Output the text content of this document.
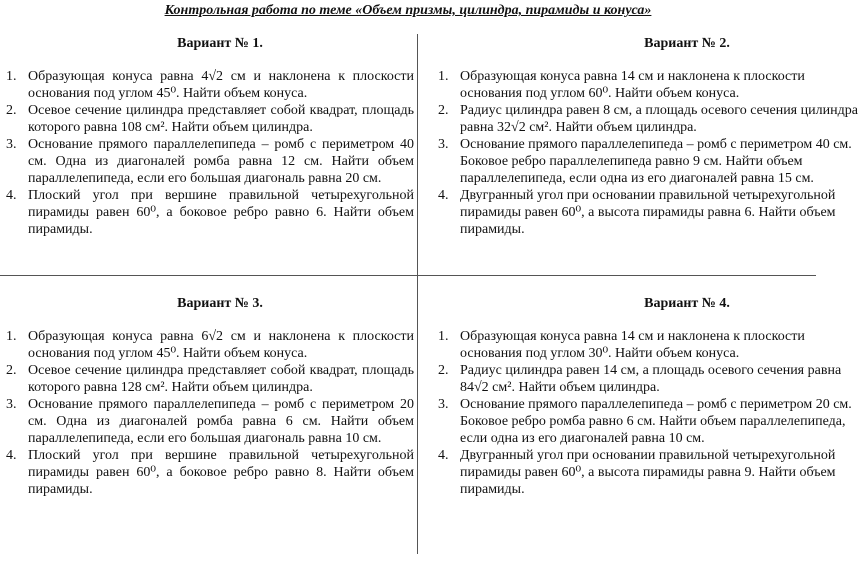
Контрольная работа по теме «Объем призмы, цилиндра, пирамиды и конуса»
Вариант № 1.
1. Образующая конуса равна 4√2 см и наклонена к плоскости основания под углом 45⁰. Найти объем конуса.
2. Осевое сечение цилиндра представляет собой квадрат, площадь которого равна 108 см². Найти объем цилиндра.
3. Основание прямого параллелепипеда – ромб с периметром 40 см. Одна из диагоналей ромба равна 12 см. Найти объем параллелепипеда, если его большая диагональ равна 20 см.
4. Плоский угол при вершине правильной четырехугольной пирамиды равен 60⁰, а боковое ребро равно 6. Найти объем пирамиды.
Вариант № 2.
1. Образующая конуса равна 14 см и наклонена к плоскости основания под углом 60⁰. Найти объем конуса.
2. Радиус цилиндра равен 8 см, а площадь осевого сечения цилиндра равна 32√2 см². Найти объем цилиндра.
3. Основание прямого параллелепипеда – ромб с периметром 40 см. Боковое ребро параллелепипеда равно 9 см. Найти объем параллелепипеда, если одна из его диагоналей равна 15 см.
4. Двугранный угол при основании правильной четырехугольной пирамиды равен 60⁰, а высота пирамиды равна 6. Найти объем пирамиды.
Вариант № 3.
1. Образующая конуса равна 6√2 см и наклонена к плоскости основания под углом 45⁰. Найти объем конуса.
2. Осевое сечение цилиндра представляет собой квадрат, площадь которого равна 128 см². Найти объем цилиндра.
3. Основание прямого параллелепипеда – ромб с периметром 20 см. Одна из диагоналей ромба равна 6 см. Найти объем параллелепипеда, если его большая диагональ равна 10 см.
4. Плоский угол при вершине правильной четырехугольной пирамиды равен 60⁰, а боковое ребро равно 8. Найти объем пирамиды.
Вариант № 4.
1. Образующая конуса равна 14 см и наклонена к плоскости основания под углом 30⁰. Найти объем конуса.
2. Радиус цилиндра равен 14 см, а площадь осевого сечения равна 84√2 см². Найти объем цилиндра.
3. Основание прямого параллелепипеда – ромб с периметром 20 см. Боковое ребро ромба равно 6 см. Найти объем параллелепипеда, если одна из его диагоналей равна 10 см.
4. Двугранный угол при основании правильной четырехугольной пирамиды равен 60⁰, а высота пирамиды равна 9. Найти объем пирамиды.
